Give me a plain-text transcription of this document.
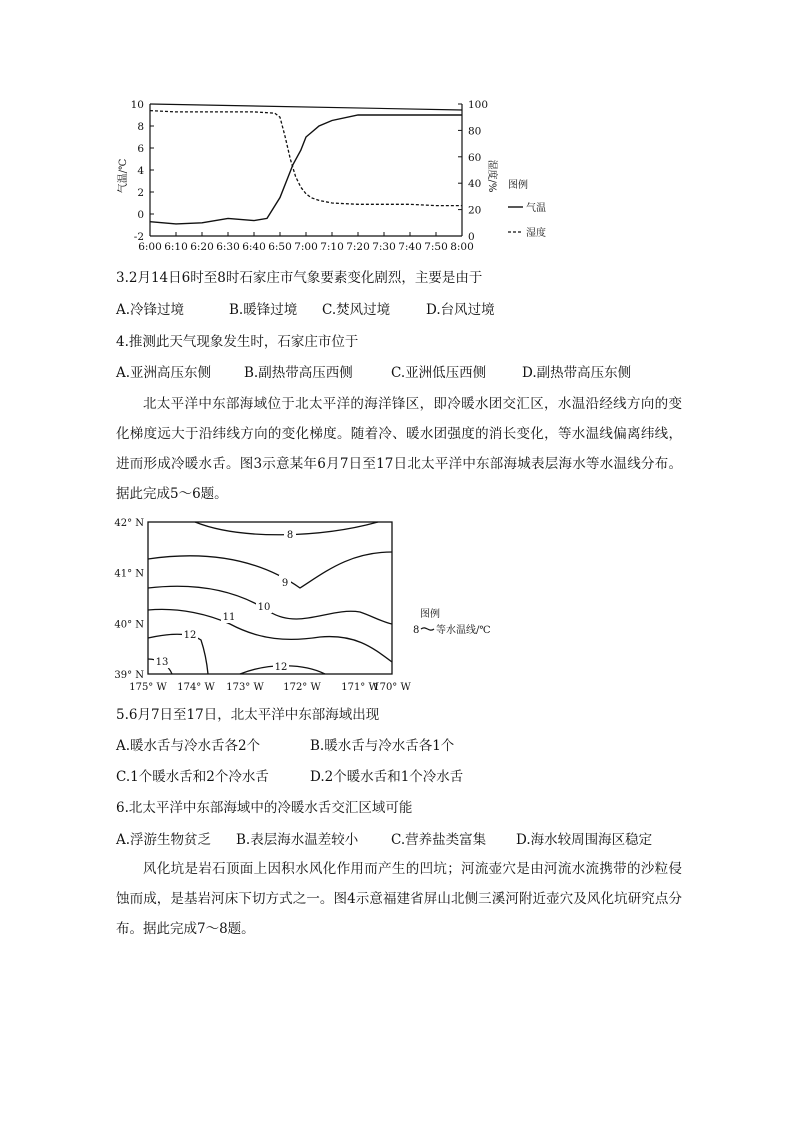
-2
0
2
4
6
8
10
0
20
40
60
80
100
6:00 6:10 6:20 6:30 6:40 6:50 7:00 7:10 7:20 7:30 7:40 7:50 8:00
气温/℃	湿度/% 图例
气温
湿度
3.2月14日6时至8时石家庄市气象要素变化剧烈，主要是由于
A.冷锋过境	B.暖锋过境 C.焚风过境	D.台风过境
4.推测此天气现象发生时，石家庄市位于
A.亚洲高压东侧 B.副热带高压西侧	C.亚洲低压西侧	D.副热带高压东侧

北太平洋中东部海域位于北太平洋的海洋锋区，即冷暖水团交汇区，水温沿经线方向的变化梯度远大于沿纬线方向的变化梯度。随着冷、暖水团强度的消长变化，等水温线偏离纬线，进而形成冷暖水舌。图3示意某年6月7日至17日北太平洋中东部海城表层海水等水温线分布。据此完成5～6题。

175° W 174° W 173° W 172° W 171° W
170° W
42° N
41° N
40° N
39° N
8
9
10
11
12
12
13
图例
8 等水温线/℃
5.6月7日至17日，北太平洋中东部海域出现
A.暖水舌与冷水舌各2个	B.暖水舌与冷水舌各1个
C.1个暖水舌和2个冷水舌	D.2个暖水舌和1个冷水舌
6.北太平洋中东部海域中的冷暖水舌交汇区域可能
A.浮游生物贫乏 B.表层海水温差较小 C.营养盐类富集 D.海水较周围海区稳定

风化坑是岩石顶面上因积水风化作用而产生的凹坑；河流壶穴是由河流水流携带的沙粒侵蚀而成，是基岩河床下切方式之一。图4示意福建省屏山北侧三溪河附近壶穴及风化坑研究点分布。据此完成7～8题。
